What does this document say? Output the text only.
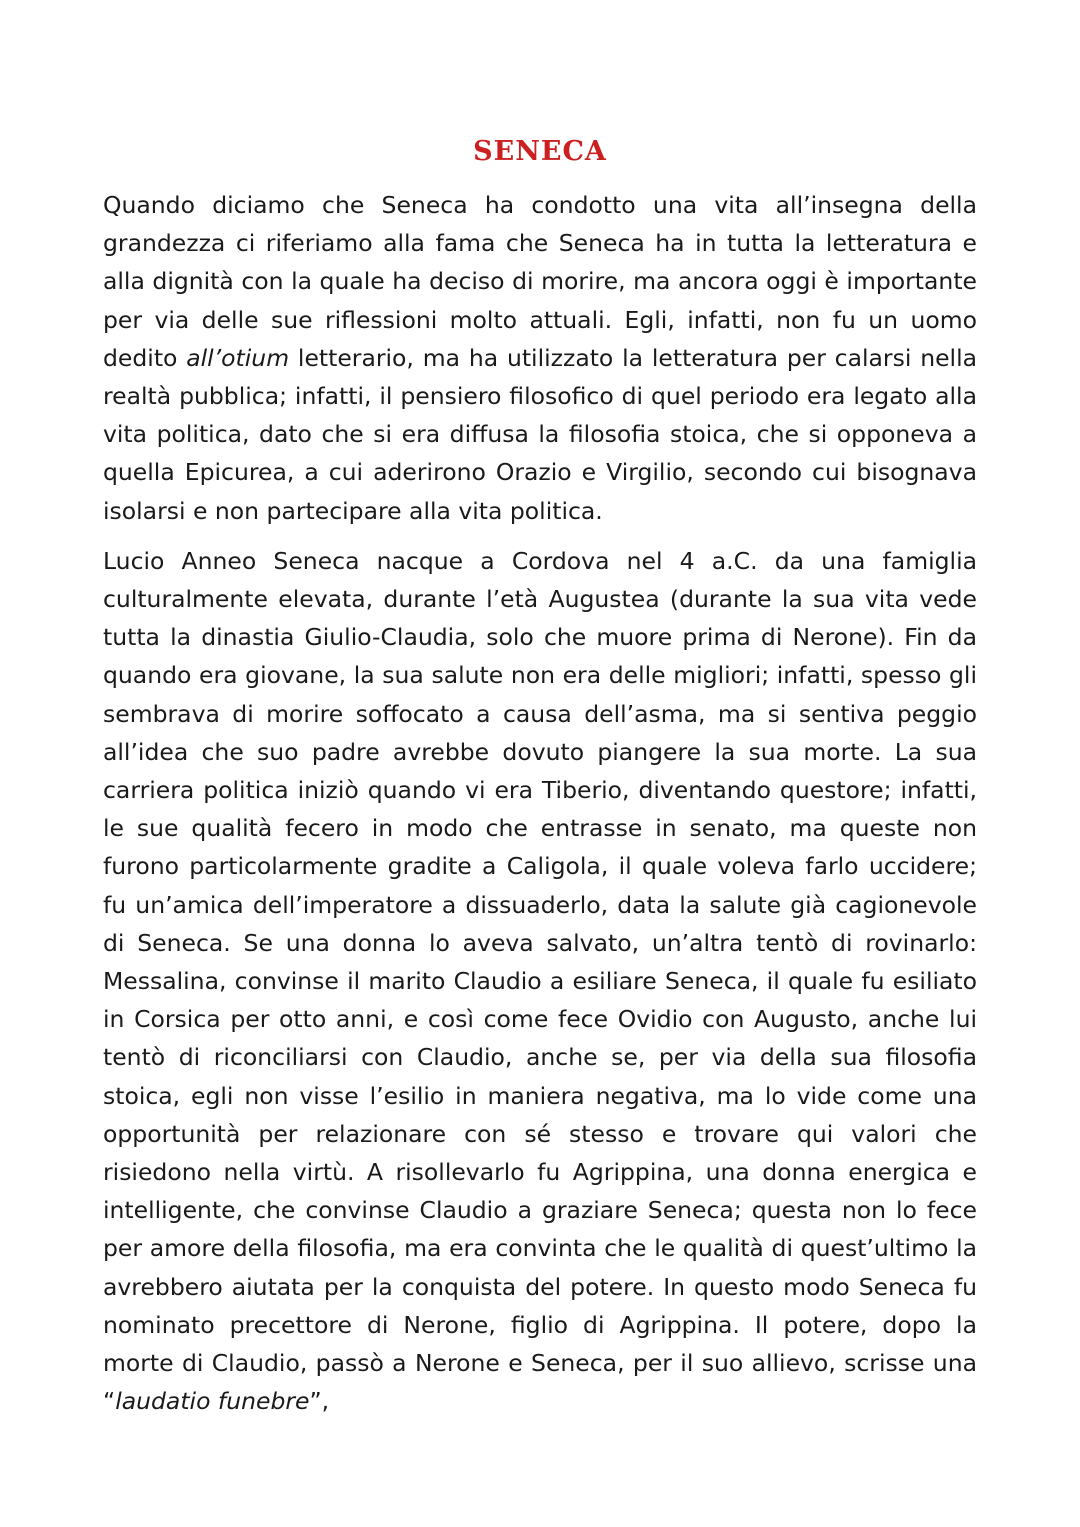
SENECA

Quando diciamo che Seneca ha condotto una vita all’insegna della grandezza ci riferiamo alla fama che Seneca ha in tutta la letteratura e alla dignità con la quale ha deciso di morire, ma ancora oggi è importante per via delle sue riflessioni molto attuali. Egli, infatti, non fu un uomo dedito all’otium letterario, ma ha utilizzato la letteratura per calarsi nella realtà pubblica; infatti, il pensiero filosofico di quel periodo era legato alla vita politica, dato che si era diffusa la filosofia stoica, che si opponeva a quella Epicurea, a cui aderirono Orazio e Virgilio, secondo cui bisognava isolarsi e non partecipare alla vita politica.

Lucio Anneo Seneca nacque a Cordova nel 4 a.C. da una famiglia culturalmente elevata, durante l’età Augustea (durante la sua vita vede tutta la dinastia Giulio-Claudia, solo che muore prima di Nerone). Fin da quando era giovane, la sua salute non era delle migliori; infatti, spesso gli sembrava di morire soffocato a causa dell’asma, ma si sentiva peggio all’idea che suo padre avrebbe dovuto piangere la sua morte. La sua carriera politica iniziò quando vi era Tiberio, diventando questore; infatti, le sue qualità fecero in modo che entrasse in senato, ma queste non furono particolarmente gradite a Caligola, il quale voleva farlo uccidere; fu un’amica dell’imperatore a dissuaderlo, data la salute già cagionevole di Seneca. Se una donna lo aveva salvato, un’altra tentò di rovinarlo: Messalina, convinse il marito Claudio a esiliare Seneca, il quale fu esiliato in Corsica per otto anni, e così come fece Ovidio con Augusto, anche lui tentò di riconciliarsi con Claudio, anche se, per via della sua filosofia stoica, egli non visse l’esilio in maniera negativa, ma lo vide come una opportunità per relazionare con sé stesso e trovare qui valori che risiedono nella virtù. A risollevarlo fu Agrippina, una donna energica e intelligente, che convinse Claudio a graziare Seneca; questa non lo fece per amore della filosofia, ma era convinta che le qualità di quest’ultimo la avrebbero aiutata per la conquista del potere. In questo modo Seneca fu nominato precettore di Nerone, figlio di Agrippina. Il potere, dopo la morte di Claudio, passò a Nerone e Seneca, per il suo allievo, scrisse una “laudatio funebre”,
